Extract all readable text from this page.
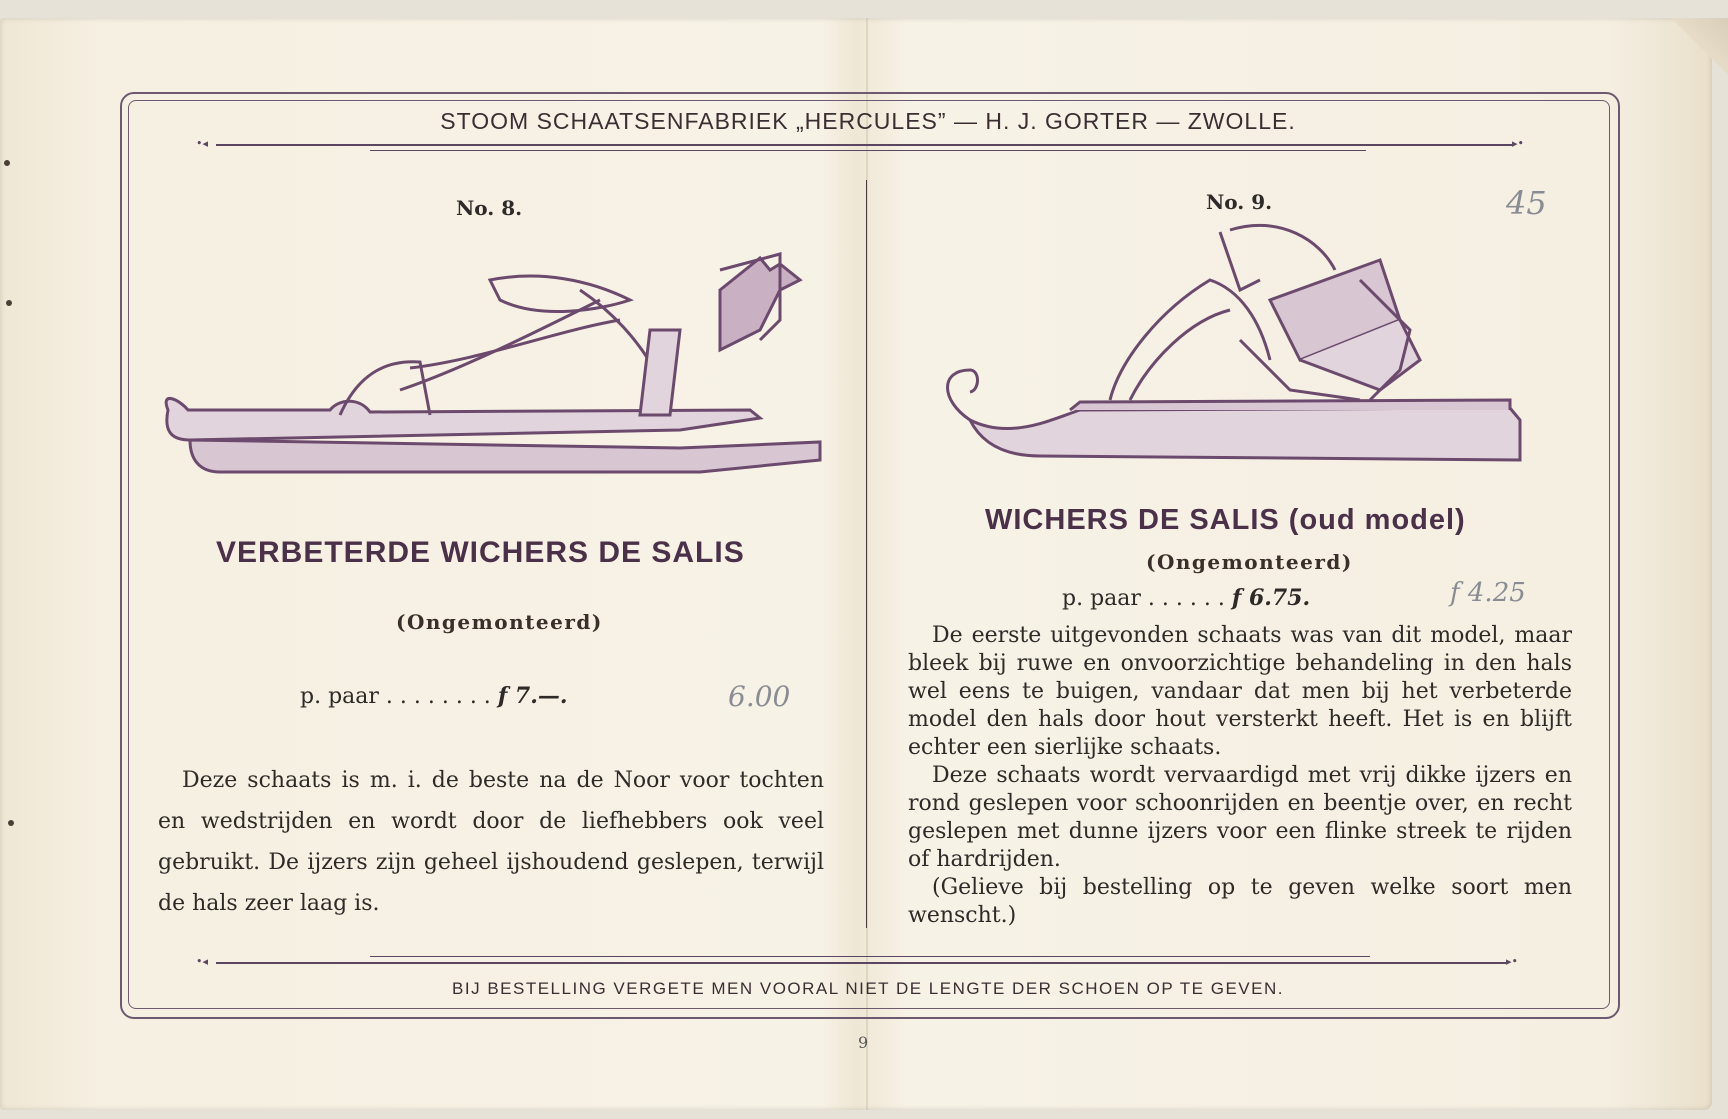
STOOM SCHAATSENFABRIEK „HERCULES” — H. J. GORTER — ZWOLLE.
•◂	▸•
No. 8.
VERBETERDE WICHERS DE SALIS
(Ongemonteerd)
p. paar . . . . . . . . f 7.—.	6.00

Deze schaats is m. i. de beste na de Noor voor tochten en wedstrijden en wordt door de liefhebbers ook veel gebruikt. De ijzers zijn geheel ijshoudend geslepen, terwijl de hals zeer laag is.

No. 9.	45
WICHERS DE SALIS (oud model)
(Ongemonteerd)
p. paar . . . . . . f 6.75.	f 4.25

De eerste uitgevonden schaats was van dit model, maar bleek bij ruwe en onvoorzichtige behandeling in den hals wel eens te buigen, vandaar dat men bij het verbeterde model den hals door hout versterkt heeft. Het is en blijft echter een sierlijke schaats.

Deze schaats wordt vervaardigd met vrij dikke ijzers en rond geslepen voor schoonrijden en beentje over, en recht geslepen met dunne ijzers voor een flinke streek te rijden of hardrijden.

(Gelieve bij bestelling op te geven welke soort men wenscht.)

•◂	▸•
BIJ BESTELLING VERGETE MEN VOORAL NIET DE LENGTE DER SCHOEN OP TE GEVEN.
9
